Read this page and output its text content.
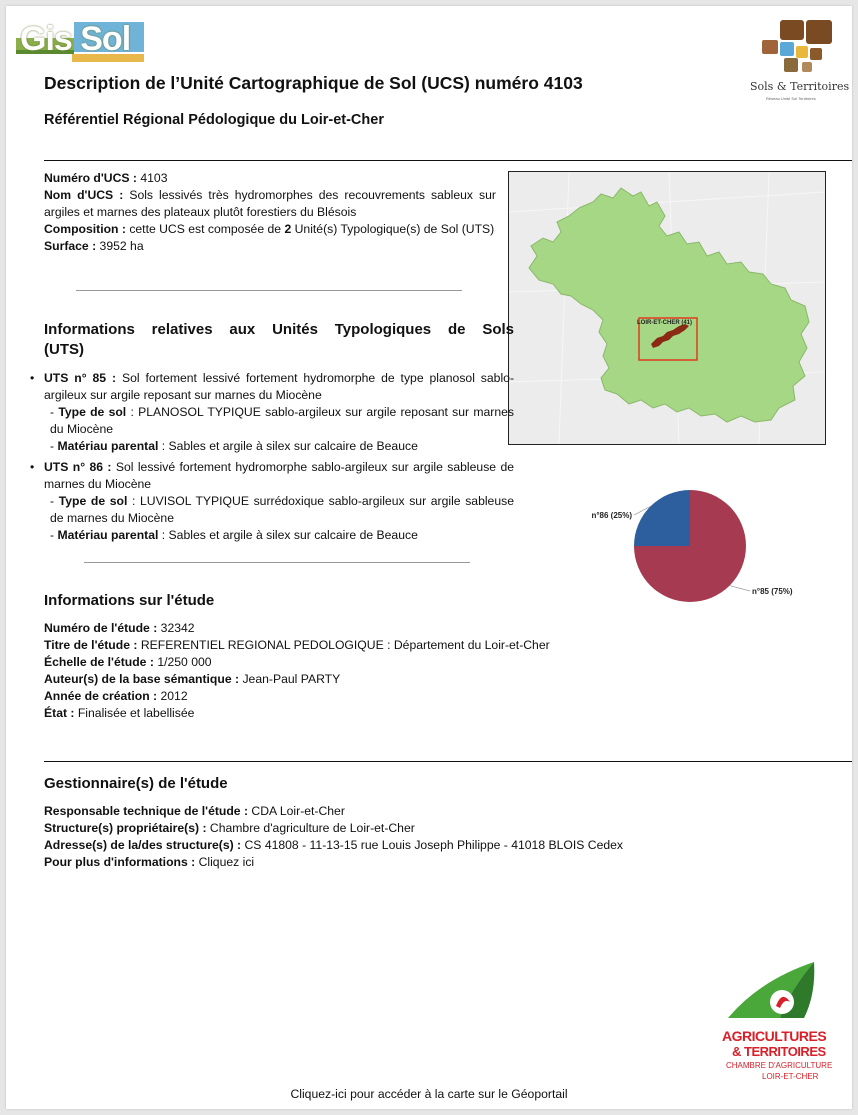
Gis Sol
Sols & Territoires
Réseau Unité Sol Territoires
Description de l’Unité Cartographique de Sol (UCS) numéro 4103
Référentiel Régional Pédologique du Loir-et-Cher
Numéro d'UCS : 4103
Nom d'UCS : Sols lessivés très hydromorphes des recouvrements sableux sur argiles et marnes des plateaux plutôt forestiers du Blésois
Composition : cette UCS est composée de 2 Unité(s) Typologique(s) de Sol (UTS)
Surface : 3952 ha
LOIR-ET-CHER (41)
Informations relatives aux Unités Typologiques de Sols
(UTS)
• UTS n° 85 : Sol fortement lessivé fortement hydromorphe de type planosol sablo-argileux sur argile reposant sur marnes du Miocène
- Type de sol : PLANOSOL TYPIQUE sablo-argileux sur argile reposant sur marnes du Miocène
- Matériau parental : Sables et argile à silex sur calcaire de Beauce
• UTS n° 86 : Sol lessivé fortement hydromorphe sablo-argileux sur argile sableuse de marnes du Miocène
- Type de sol : LUVISOL TYPIQUE surrédoxique sablo-argileux sur argile sableuse de marnes du Miocène
- Matériau parental : Sables et argile à silex sur calcaire de Beauce
n°85 (75%)
n°86 (25%)
Informations sur l'étude
Numéro de l'étude : 32342
Titre de l'étude : REFERENTIEL REGIONAL PEDOLOGIQUE : Département du Loir-et-Cher
Échelle de l'étude : 1/250 000
Auteur(s) de la base sémantique : Jean-Paul PARTY
Année de création : 2012
État : Finalisée et labellisée
Gestionnaire(s) de l'étude
Responsable technique de l'étude : CDA Loir-et-Cher
Structure(s) propriétaire(s) : Chambre d'agriculture de Loir-et-Cher
Adresse(s) de la/des structure(s) : CS 41808 - 11-13-15 rue Louis Joseph Philippe - 41018 BLOIS Cedex
Pour plus d'informations : Cliquez ici
AGRICULTURES
& TERRITOIRES
CHAMBRE D'AGRICULTURE
LOIR-ET-CHER
Cliquez-ici pour accéder à la carte sur le Géoportail
